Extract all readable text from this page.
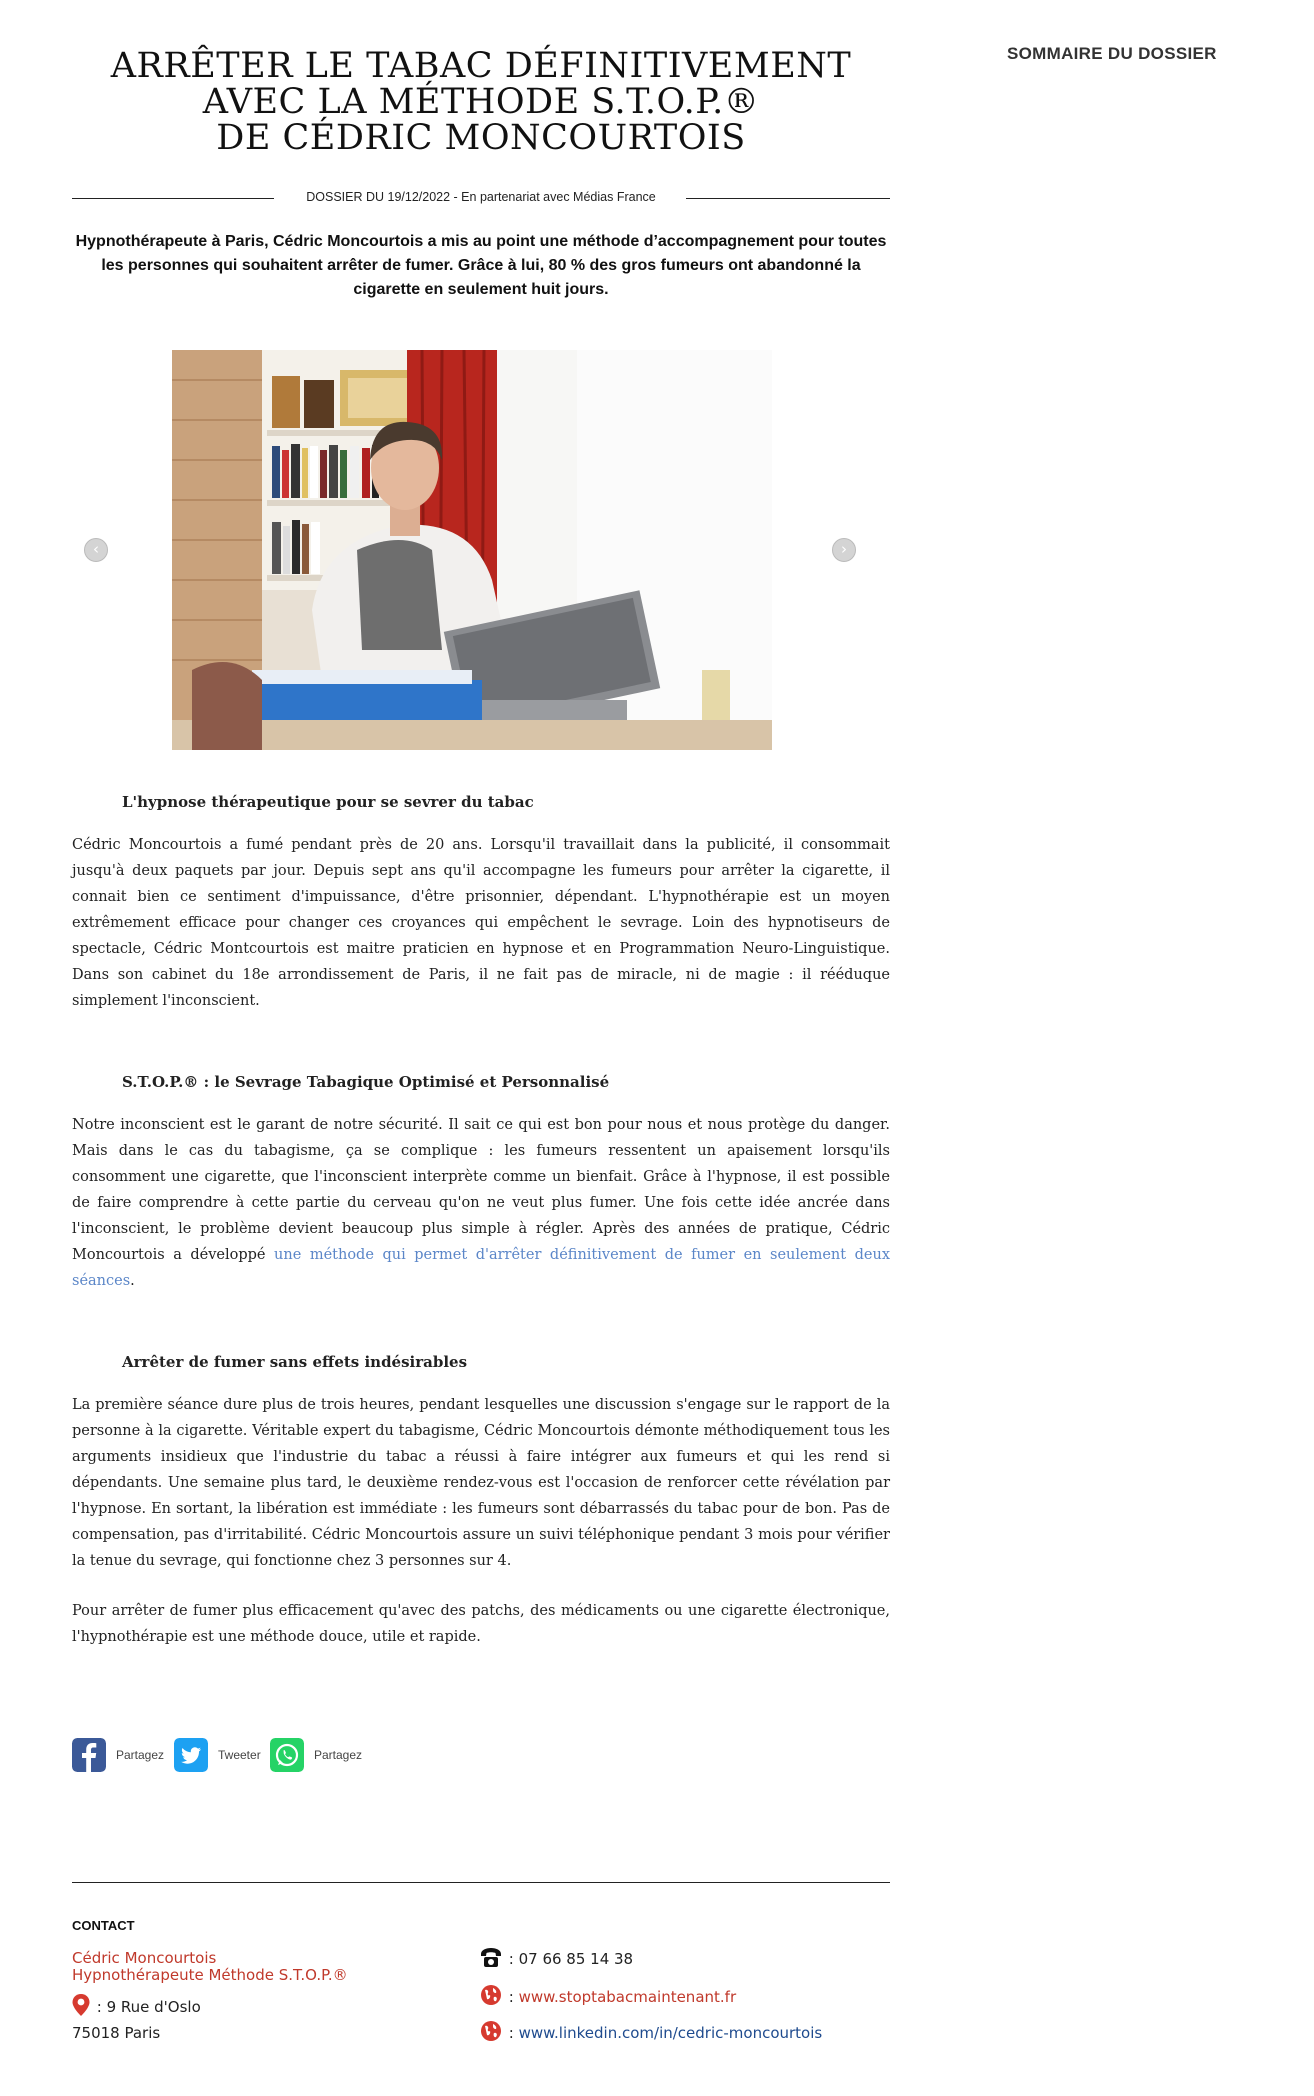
ARRÊTER LE TABAC DÉFINITIVEMENT
AVEC LA MÉTHODE S.T.O.P.®
DE CÉDRIC MONCOURTOIS
DOSSIER DU 19/12/2022 - En partenariat avec Médias France

Hypnothérapeute à Paris, Cédric Moncourtois a mis au point une méthode d’accompagnement pour toutes les personnes qui souhaitent arrêter de fumer. Grâce à lui, 80 % des gros fumeurs ont abandonné la cigarette en seulement huit jours.

‹	›
L'hypnose thérapeutique pour se sevrer du tabac

Cédric Moncourtois a fumé pendant près de 20 ans. Lorsqu'il travaillait dans la publicité, il consommait jusqu'à deux paquets par jour. Depuis sept ans qu'il accompagne les fumeurs pour arrêter la cigarette, il connait bien ce sentiment d'impuissance, d'être prisonnier, dépendant. L'hypnothérapie est un moyen extrêmement efficace pour changer ces croyances qui empêchent le sevrage. Loin des hypnotiseurs de spectacle, Cédric Montcourtois est maitre praticien en hypnose et en Programmation Neuro-Linguistique. Dans son cabinet du 18e arrondissement de Paris, il ne fait pas de miracle, ni de magie : il rééduque simplement l'inconscient.

S.T.O.P.® : le Sevrage Tabagique Optimisé et Personnalisé

Notre inconscient est le garant de notre sécurité. Il sait ce qui est bon pour nous et nous protège du danger. Mais dans le cas du tabagisme, ça se complique : les fumeurs ressentent un apaisement lorsqu'ils consomment une cigarette, que l'inconscient interprète comme un bienfait. Grâce à l'hypnose, il est possible de faire comprendre à cette partie du cerveau qu'on ne veut plus fumer. Une fois cette idée ancrée dans l'inconscient, le problème devient beaucoup plus simple à régler. Après des années de pratique, Cédric Moncourtois a développé une méthode qui permet d'arrêter définitivement de fumer en seulement deux séances.

Arrêter de fumer sans effets indésirables

La première séance dure plus de trois heures, pendant lesquelles une discussion s'engage sur le rapport de la personne à la cigarette. Véritable expert du tabagisme, Cédric Moncourtois démonte méthodiquement tous les arguments insidieux que l'industrie du tabac a réussi à faire intégrer aux fumeurs et qui les rend si dépendants. Une semaine plus tard, le deuxième rendez-vous est l'occasion de renforcer cette révélation par l'hypnose. En sortant, la libération est immédiate : les fumeurs sont débarrassés du tabac pour de bon. Pas de compensation, pas d'irritabilité. Cédric Moncourtois assure un suivi téléphonique pendant 3 mois pour vérifier la tenue du sevrage, qui fonctionne chez 3 personnes sur 4.

Pour arrêter de fumer plus efficacement qu'avec des patchs, des médicaments ou une cigarette électronique, l'hypnothérapie est une méthode douce, utile et rapide.

Partagez	Tweeter	Partagez
CONTACT
Cédric Moncourtois
Hypnothérapeute Méthode S.T.O.P.®
: 9 Rue d'Oslo
75018 Paris
: 07 66 85 14 38
: www.stoptabacmaintenant.fr
: www.linkedin.com/in/cedric-moncourtois
SOMMAIRE DU DOSSIER
